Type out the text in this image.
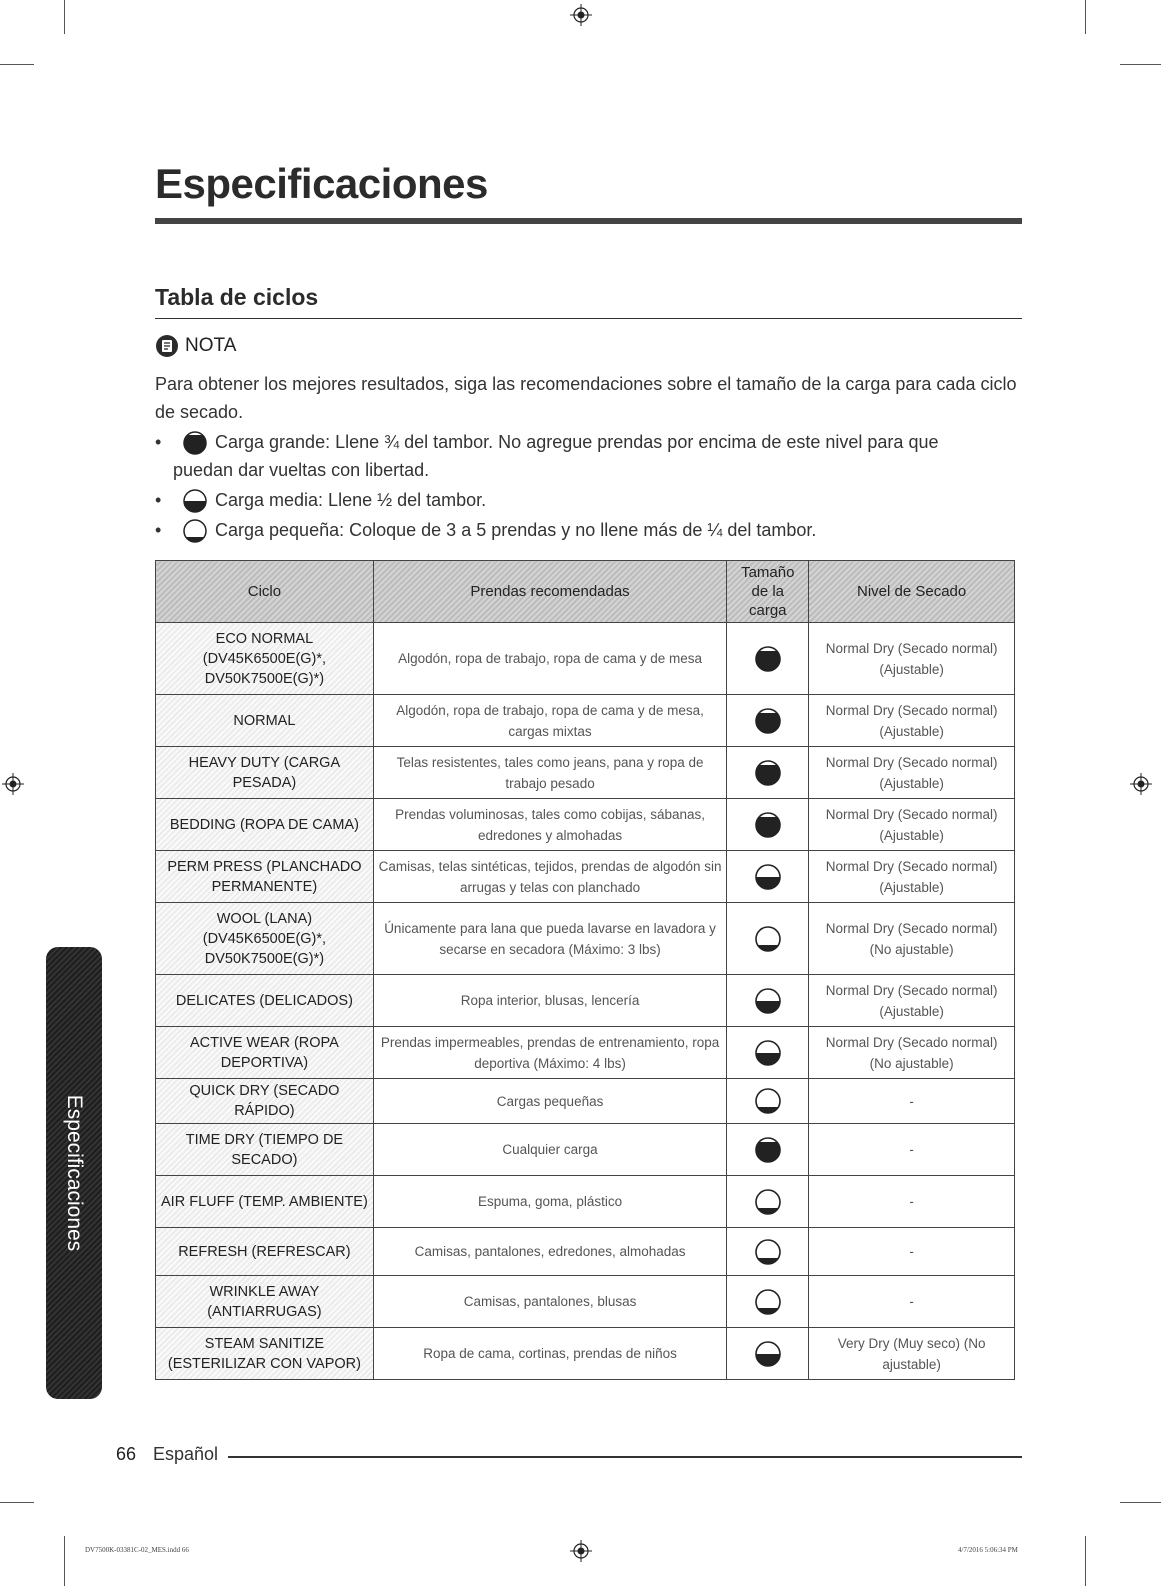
Especificaciones
Tabla de ciclos
NOTA
Para obtener los mejores resultados, siga las recomendaciones sobre el tamaño de la carga para cada ciclo de secado.
•	Carga grande: Llene ¾ del tambor. No agregue prendas por encima de este nivel para que
puedan dar vueltas con libertad.
•	Carga media: Llene ½ del tambor.
•	Carga pequeña: Coloque de 3 a 5 prendas y no llene más de ¼ del tambor.
Ciclo	Prendas recomendadas	Tamaño de la carga	Nivel de Secado
ECO NORMAL (DV45K6500E(G)*, DV50K7500E(G)*)	Algodón, ropa de trabajo, ropa de cama y de mesa		Normal Dry (Secado normal) (Ajustable)
NORMAL	Algodón, ropa de trabajo, ropa de cama y de mesa, cargas mixtas		Normal Dry (Secado normal) (Ajustable)
HEAVY DUTY (CARGA PESADA)	Telas resistentes, tales como jeans, pana y ropa de trabajo pesado		Normal Dry (Secado normal) (Ajustable)
BEDDING (ROPA DE CAMA)	Prendas voluminosas, tales como cobijas, sábanas, edredones y almohadas		Normal Dry (Secado normal) (Ajustable)
PERM PRESS (PLANCHADO PERMANENTE)	Camisas, telas sintéticas, tejidos, prendas de algodón sin arrugas y telas con planchado		Normal Dry (Secado normal) (Ajustable)
WOOL (LANA) (DV45K6500E(G)*, DV50K7500E(G)*)	Únicamente para lana que pueda lavarse en lavadora y secarse en secadora (Máximo: 3 lbs)		Normal Dry (Secado normal) (No ajustable)
DELICATES (DELICADOS)	Ropa interior, blusas, lencería		Normal Dry (Secado normal) (Ajustable)
ACTIVE WEAR (ROPA DEPORTIVA)	Prendas impermeables, prendas de entrenamiento, ropa deportiva (Máximo: 4 lbs)		Normal Dry (Secado normal) (No ajustable)
QUICK DRY (SECADO RÁPIDO)	Cargas pequeñas		-
TIME DRY (TIEMPO DE SECADO)	Cualquier carga		-
AIR FLUFF (TEMP. AMBIENTE)	Espuma, goma, plástico		-
REFRESH (REFRESCAR)	Camisas, pantalones, edredones, almohadas		-
WRINKLE AWAY (ANTIARRUGAS)	Camisas, pantalones, blusas		-
STEAM SANITIZE (ESTERILIZAR CON VAPOR)	Ropa de cama, cortinas, prendas de niños		Very Dry (Muy seco) (No ajustable)
Especificaciones
66 Español
DV7500K-03381C-02_MES.indd 66	4/7/2016 5:06:34 PM
